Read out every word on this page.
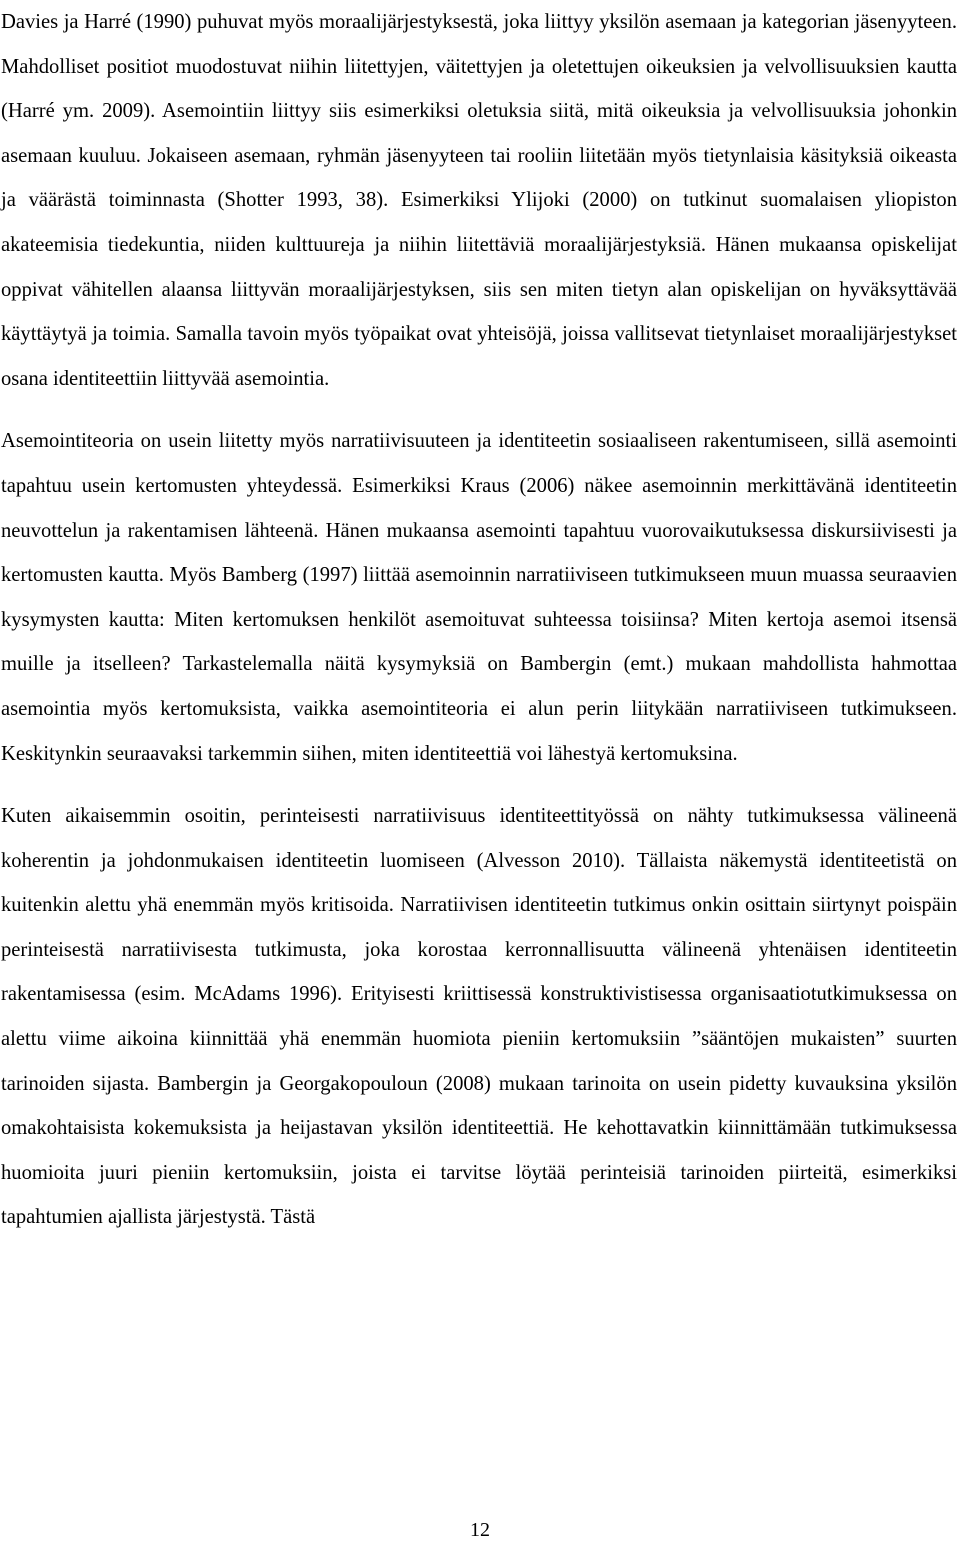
Davies ja Harré (1990) puhuvat myös moraalijärjestyksestä, joka liittyy yksilön asemaan ja kategorian jäsenyyteen. Mahdolliset positiot muodostuvat niihin liitettyjen, väitettyjen ja oletettujen oikeuksien ja velvollisuuksien kautta (Harré ym. 2009). Asemointiin liittyy siis esimerkiksi oletuksia siitä, mitä oikeuksia ja velvollisuuksia johonkin asemaan kuuluu. Jokaiseen asemaan, ryhmän jäsenyyteen tai rooliin liitetään myös tietynlaisia käsityksiä oikeasta ja väärästä toiminnasta (Shotter 1993, 38). Esimerkiksi Ylijoki (2000) on tutkinut suomalaisen yliopiston akateemisia tiedekuntia, niiden kulttuureja ja niihin liitettäviä moraalijärjestyksiä. Hänen mukaansa opiskelijat oppivat vähitellen alaansa liittyvän moraalijärjestyksen, siis sen miten tietyn alan opiskelijan on hyväksyttävää käyttäytyä ja toimia. Samalla tavoin myös työpaikat ovat yhteisöjä, joissa vallitsevat tietynlaiset moraalijärjestykset osana identiteettiin liittyvää asemointia.

Asemointiteoria on usein liitetty myös narratiivisuuteen ja identiteetin sosiaaliseen rakentumiseen, sillä asemointi tapahtuu usein kertomusten yhteydessä. Esimerkiksi Kraus (2006) näkee asemoinnin merkittävänä identiteetin neuvottelun ja rakentamisen lähteenä. Hänen mukaansa asemointi tapahtuu vuorovaikutuksessa diskursiivisesti ja kertomusten kautta. Myös Bamberg (1997) liittää asemoinnin narratiiviseen tutkimukseen muun muassa seuraavien kysymysten kautta: Miten kertomuksen henkilöt asemoituvat suhteessa toisiinsa? Miten kertoja asemoi itsensä muille ja itselleen? Tarkastelemalla näitä kysymyksiä on Bambergin (emt.) mukaan mahdollista hahmottaa asemointia myös kertomuksista, vaikka asemointiteoria ei alun perin liitykään narratiiviseen tutkimukseen. Keskitynkin seuraavaksi tarkemmin siihen, miten identiteettiä voi lähestyä kertomuksina.

Kuten aikaisemmin osoitin, perinteisesti narratiivisuus identiteettityössä on nähty tutkimuksessa välineenä koherentin ja johdonmukaisen identiteetin luomiseen (Alvesson 2010). Tällaista näkemystä identiteetistä on kuitenkin alettu yhä enemmän myös kritisoida. Narratiivisen identiteetin tutkimus onkin osittain siirtynyt poispäin perinteisestä narratiivisesta tutkimusta, joka korostaa kerronnallisuutta välineenä yhtenäisen identiteetin rakentamisessa (esim. McAdams 1996). Erityisesti kriittisessä konstruktivistisessa organisaatiotutkimuksessa on alettu viime aikoina kiinnittää yhä enemmän huomiota pieniin kertomuksiin ”sääntöjen mukaisten” suurten tarinoiden sijasta. Bambergin ja Georgakopouloun (2008) mukaan tarinoita on usein pidetty kuvauksina yksilön omakohtaisista kokemuksista ja heijastavan yksilön identiteettiä. He kehottavatkin kiinnittämään tutkimuksessa huomioita juuri pieniin kertomuksiin, joista ei tarvitse löytää perinteisiä tarinoiden piirteitä, esimerkiksi tapahtumien ajallista järjestystä. Tästä

12
